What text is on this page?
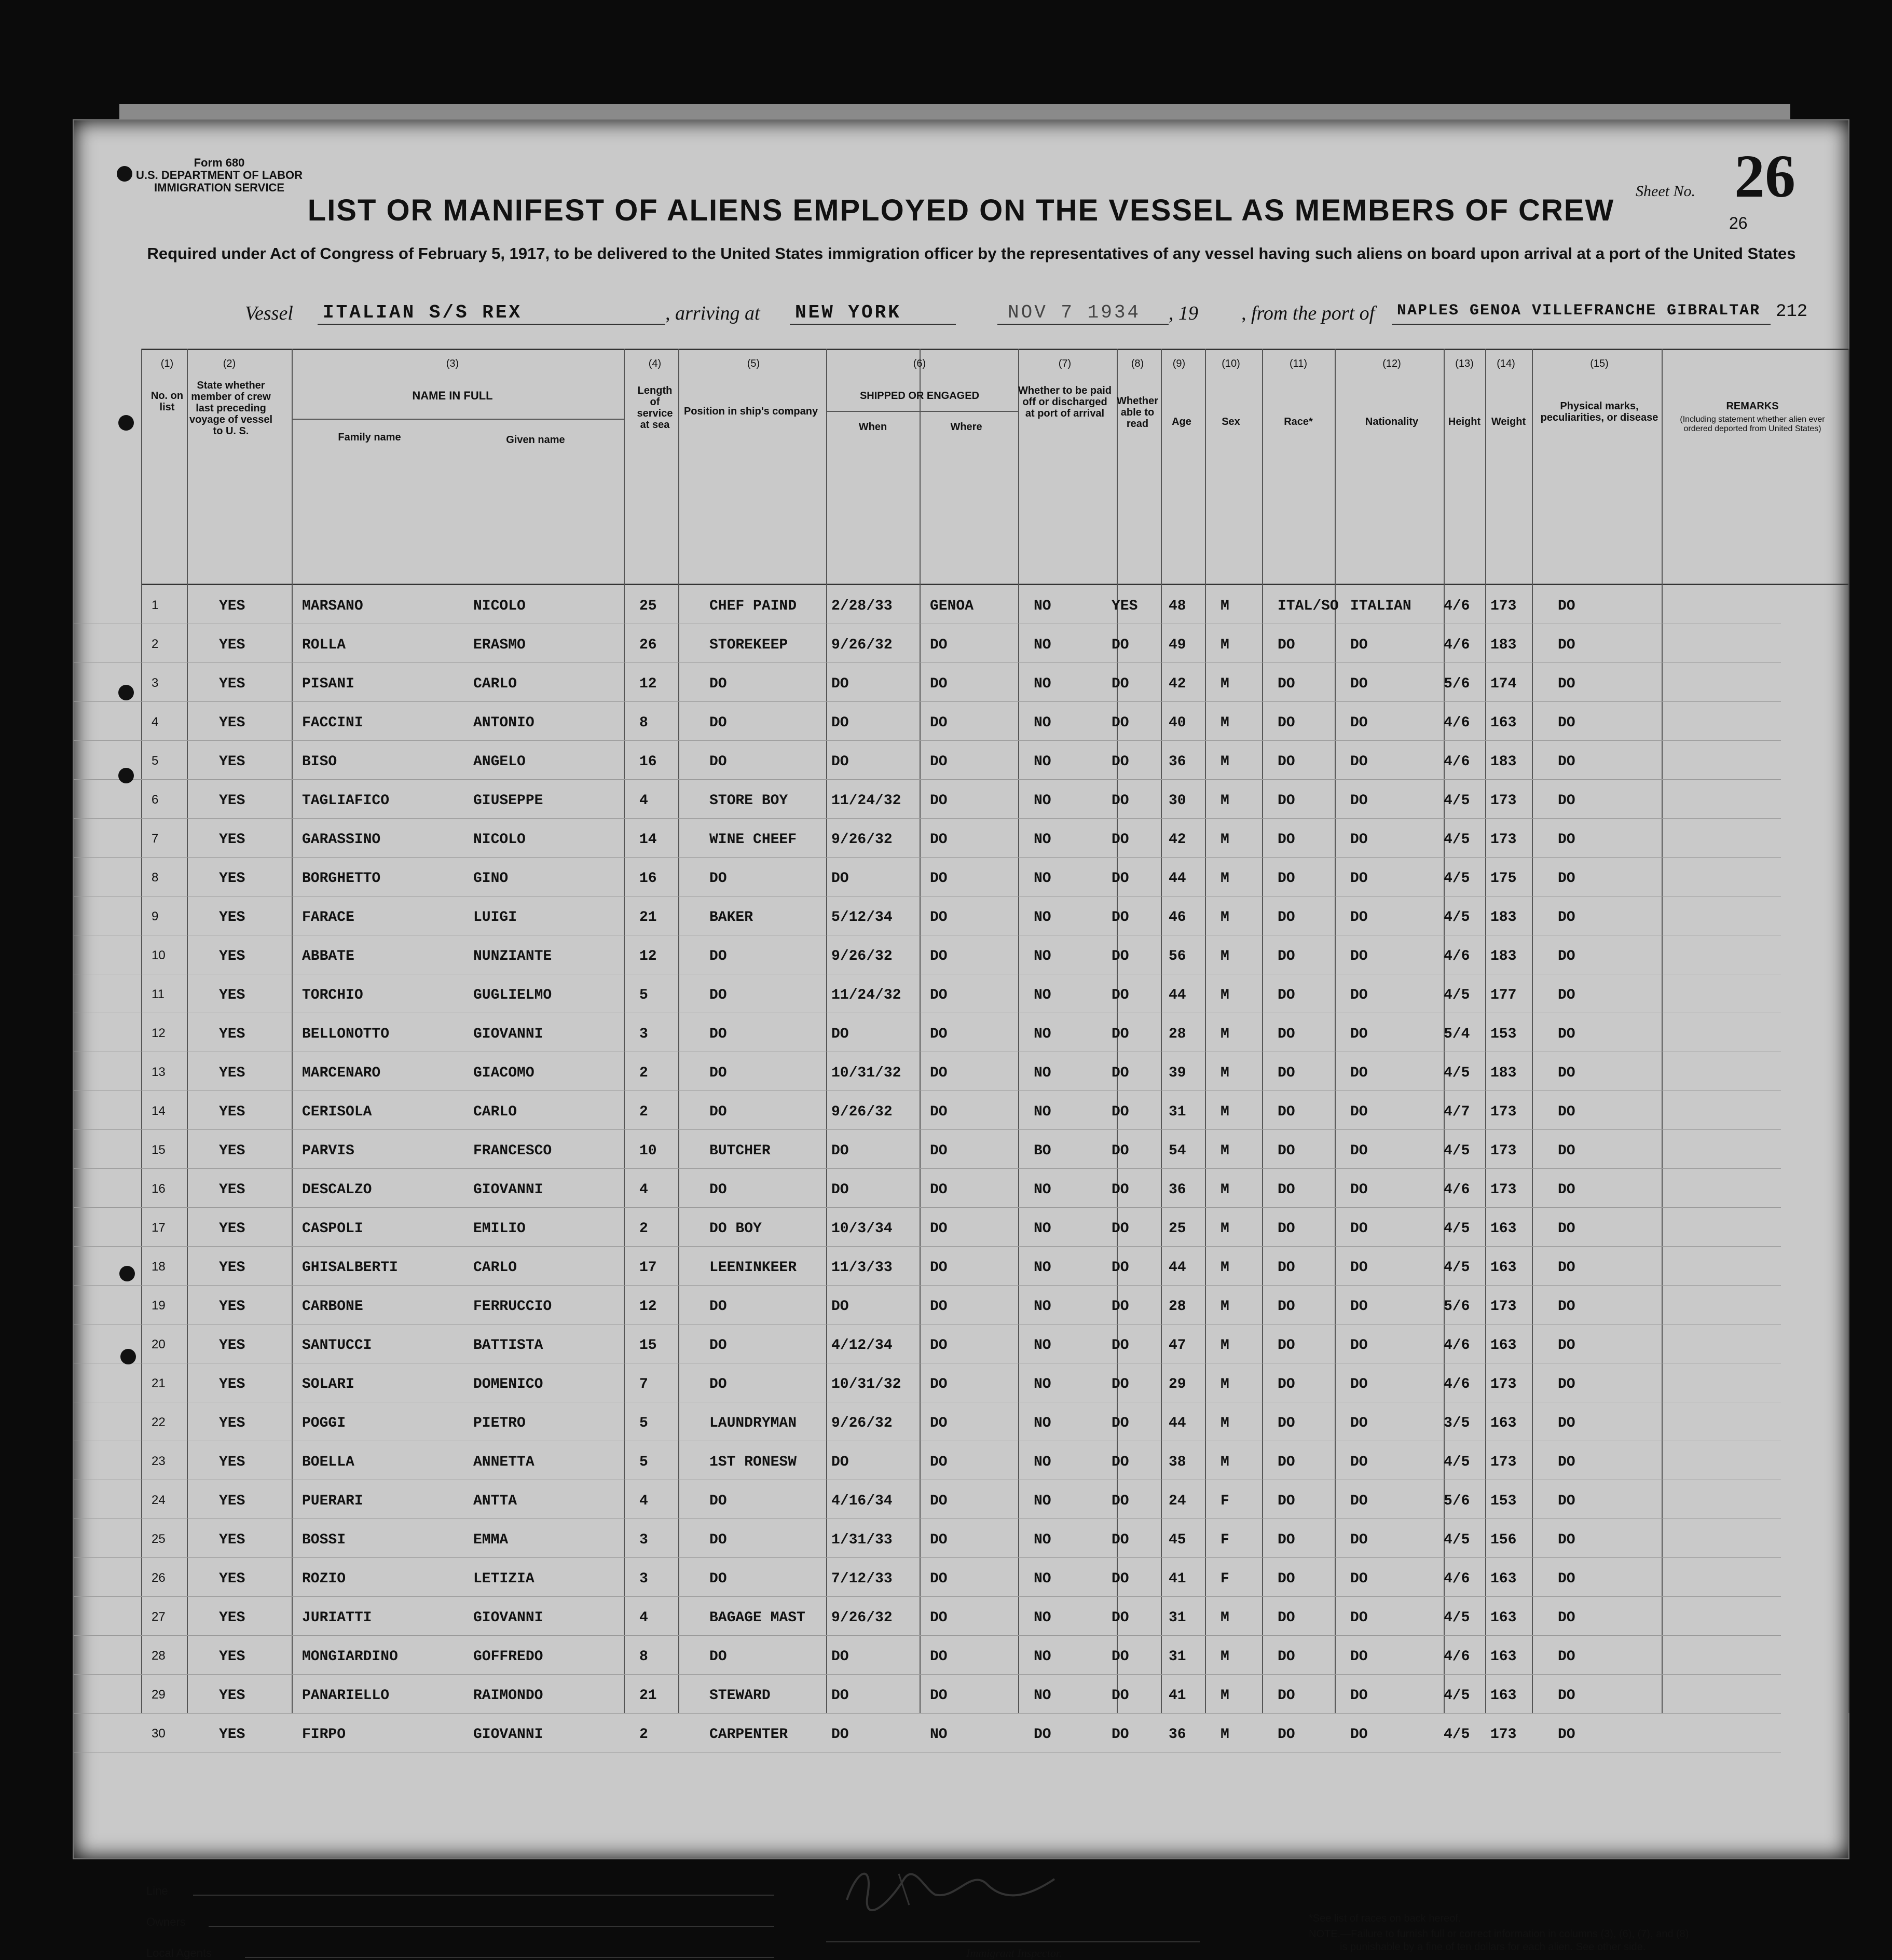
Form 680
U.S. DEPARTMENT OF LABOR
IMMIGRATION SERVICE	Sheet No. 26
26
212
LIST OR MANIFEST OF ALIENS EMPLOYED ON THE VESSEL AS MEMBERS OF CREW
Required under Act of Congress of February 5, 1917, to be delivered to the United States immigration officer by the representatives of any vessel having such aliens on board upon arrival at a port of the United States
Vessel ITALIAN S/S REX	, arriving at NEW YORK	NOV 7 1934 , 19 , from the port of NAPLES GENOA VILLEFRANCHE GIBRALTAR
(1)
No. on list
(2)
State whether member of crew last preceding voyage of vessel to U. S.
(3)
NAME IN FULL
Family name	Given name
(4)
Length of service at sea
(5)
Position in ship's company
(6)
SHIPPED OR ENGAGED
When	Where
(7)
Whether to be paid off or discharged at port of arrival
(8)
Whether able to read
(9)
Age
(10)
Sex
(11)
Race*
(12)
Nationality
(13)
Height
(14)
Weight
(15)
Physical marks, peculiarities, or disease
REMARKS
(Including statement whether alien ever ordered deported from United States)
1	YES	MARSANO	NICOLO	25	CHEF PAIND 2/28/33	GENOA	NO	YES 48 M	ITAL/SO ITALIAN 4/6 173	DO
2	YES	ROLLA	ERASMO	26	STOREKEEP	9/26/32	DO	NO	DO	49 M	DO	DO	4/6 183	DO
3	YES	PISANI	CARLO	12	DO	DO	DO	NO	DO	42 M	DO	DO	5/6 174	DO
4	YES	FACCINI	ANTONIO	8	DO	DO	DO	NO	DO	40 M	DO	DO	4/6 163	DO
5	YES	BISO	ANGELO	16	DO	DO	DO	NO	DO	36 M	DO	DO	4/6 183	DO
6	YES	TAGLIAFICO	GIUSEPPE	4	STORE BOY	11/24/32 DO	NO	DO	30 M	DO	DO	4/5 173	DO
7	YES	GARASSINO	NICOLO	14	WINE CHEEF 9/26/32	DO	NO	DO	42 M	DO	DO	4/5 173	DO
8	YES	BORGHETTO	GINO	16	DO	DO	DO	NO	DO	44 M	DO	DO	4/5 175	DO
9	YES	FARACE	LUIGI	21	BAKER	5/12/34	DO	NO	DO	46 M	DO	DO	4/5 183	DO
10	YES	ABBATE	NUNZIANTE	12	DO	9/26/32	DO	NO	DO	56 M	DO	DO	4/6 183	DO
11	YES	TORCHIO	GUGLIELMO	5	DO	11/24/32 DO	NO	DO	44 M	DO	DO	4/5 177	DO
12	YES	BELLONOTTO	GIOVANNI	3	DO	DO	DO	NO	DO	28 M	DO	DO	5/4 153	DO
13	YES	MARCENARO	GIACOMO	2	DO	10/31/32 DO	NO	DO	39 M	DO	DO	4/5 183	DO
14	YES	CERISOLA	CARLO	2	DO	9/26/32	DO	NO	DO	31 M	DO	DO	4/7 173	DO
15	YES	PARVIS	FRANCESCO	10	BUTCHER	DO	DO	BO	DO	54 M	DO	DO	4/5 173	DO
16	YES	DESCALZO	GIOVANNI	4	DO	DO	DO	NO	DO	36 M	DO	DO	4/6 173	DO
17	YES	CASPOLI	EMILIO	2	DO BOY	10/3/34	DO	NO	DO	25 M	DO	DO	4/5 163	DO
18	YES	GHISALBERTI	CARLO	17	LEENINKEER 11/3/33	DO	NO	DO	44 M	DO	DO	4/5 163	DO
19	YES	CARBONE	FERRUCCIO	12	DO	DO	DO	NO	DO	28 M	DO	DO	5/6 173	DO
20	YES	SANTUCCI	BATTISTA	15	DO	4/12/34	DO	NO	DO	47 M	DO	DO	4/6 163	DO
21	YES	SOLARI	DOMENICO	7	DO	10/31/32 DO	NO	DO	29 M	DO	DO	4/6 173	DO
22	YES	POGGI	PIETRO	5	LAUNDRYMAN 9/26/32	DO	NO	DO	44 M	DO	DO	3/5 163	DO
23	YES	BOELLA	ANNETTA	5	1ST RONESW DO	DO	NO	DO	38 M	DO	DO	4/5 173	DO
24	YES	PUERARI	ANTTA	4	DO	4/16/34	DO	NO	DO	24 F	DO	DO	5/6 153	DO
25	YES	BOSSI	EMMA	3	DO	1/31/33	DO	NO	DO	45 F	DO	DO	4/5 156	DO
26	YES	ROZIO	LETIZIA	3	DO	7/12/33	DO	NO	DO	41 F	DO	DO	4/6 163	DO
27	YES	JURIATTI	GIOVANNI	4	BAGAGE MAST 9/26/32	DO	NO	DO	31 M	DO	DO	4/5 163	DO
28	YES	MONGIARDINO	GOFFREDO	8	DO	DO	DO	NO	DO	31 M	DO	DO	4/6 163	DO
29	YES	PANARIELLO	RAIMONDO	21	STEWARD	DO	DO	NO	DO	41 M	DO	DO	4/5 163	DO
30	YES	FIRPO	GIOVANNI	2	CARPENTER	DO	NO	DO	DO	36 M	DO	DO	4/5 173	DO
Line
Owners
Local Agents	Immigrant Inspector.
*See list of races on back hereof.
NOTE.—Failure to furnish full or correct information in columns (3), (6), (7), and (8)
is punishable by a fine of ten dollars for each alien. See other side.
